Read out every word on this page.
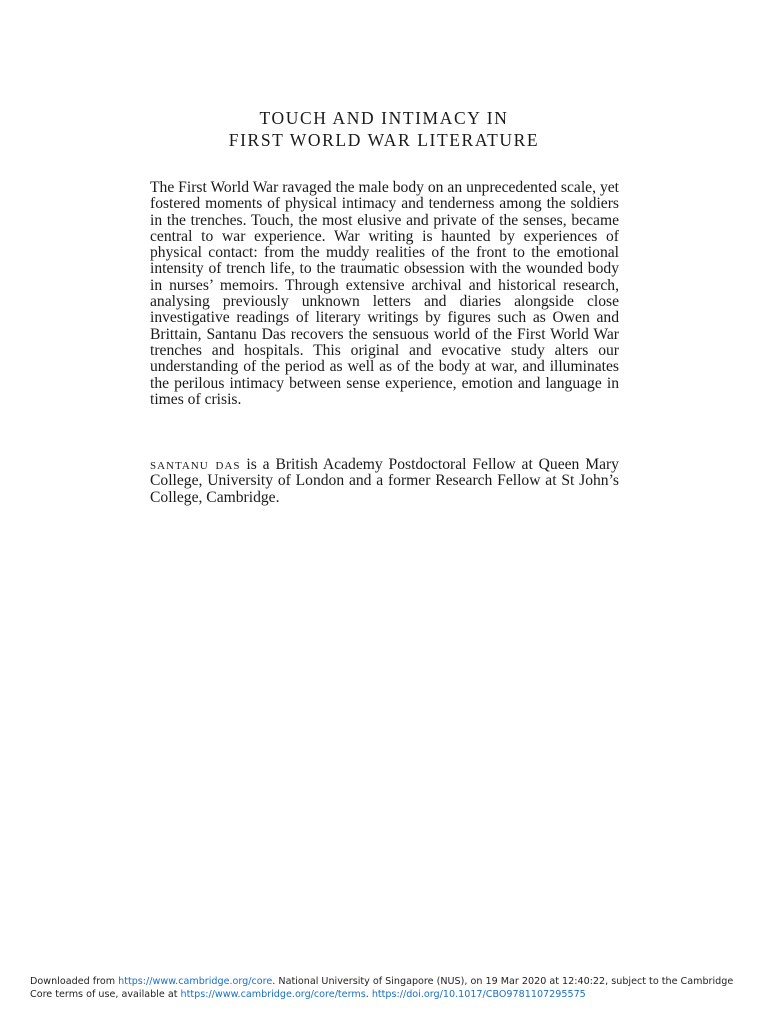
TOUCH AND INTIMACY IN
FIRST WORLD WAR LITERATURE

The First World War ravaged the male body on an unprecedented scale, yet fostered moments of physical intimacy and tenderness among the soldiers in the trenches. Touch, the most elusive and private of the senses, became central to war experience. War writing is haunted by experiences of physical contact: from the muddy realities of the front to the emotional intensity of trench life, to the traumatic obsession with the wounded body in nurses’ memoirs. Through extensive archival and historical research, analysing previously unknown letters and diaries alongside close investigative readings of literary writings by figures such as Owen and Brittain, Santanu Das recovers the sensuous world of the First World War trenches and hospitals. This original and evocative study alters our understanding of the period as well as of the body at war, and illuminates the perilous intimacy between sense experience, emotion and language in times of crisis.

santanu das is a British Academy Postdoctoral Fellow at Queen Mary College, University of London and a former Research Fellow at St John’s College, Cambridge.

Downloaded from https://www.cambridge.org/core. National University of Singapore (NUS), on 19 Mar 2020 at 12:40:22, subject to the Cambridge Core terms of use, available at https://www.cambridge.org/core/terms. https://doi.org/10.1017/CBO9781107295575
